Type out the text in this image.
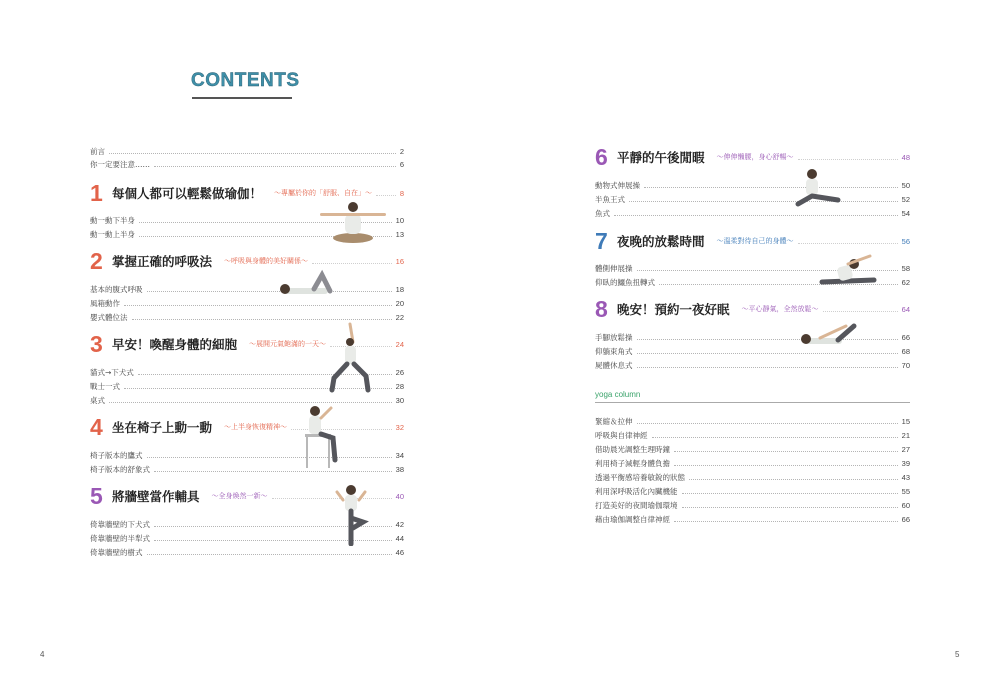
CONTENTS
前言	2
你一定要注意……	6
1 每個人都可以輕鬆做瑜伽！ ～專屬於你的「舒服、自在」～	8
動一動下半身	10
動一動上半身	13
2 掌握正確的呼吸法 ～呼吸與身體的美好關係～	16
基本的腹式呼吸	18
風箱動作	20
嬰式體位法	22
3 早安！喚醒身體的細胞 ～展開元氣飽滿的一天～	24
貓式→下犬式	26
戰士一式	28
桌式	30
4 坐在椅子上動一動 ～上半身恢復精神～	32
椅子版本的鷹式	34
椅子版本的舒象式	38
5 將牆壁當作輔具 ～全身煥然一新～	40
倚靠牆壁的下犬式	42
倚靠牆壁的半犁式	44
倚靠牆壁的樹式	46
6 平靜的午後閒暇 ～伸伸懶腰，身心舒暢～	48
動物式伸展操	50
半魚王式	52
魚式	54
7 夜晚的放鬆時間 ～溫柔對待自己的身體～	56
體側伸展操	58
仰臥的鱷魚扭轉式	62
8 晚安！預約一夜好眠 ～平心靜氣，全然放鬆～	64
手腳放鬆操	66
仰躺束角式	68
屍體休息式	70
yoga column
緊縮＆拉伸	15
呼吸與自律神經	21
借助晨光調整生理時鐘	27
利用椅子減輕身體負擔	39
透過平衡感培養敏銳的狀態	43
利用深呼吸活化內臟機能	55
打造美好的夜間瑜伽環境	60
藉由瑜伽調整自律神經	66
4	5
